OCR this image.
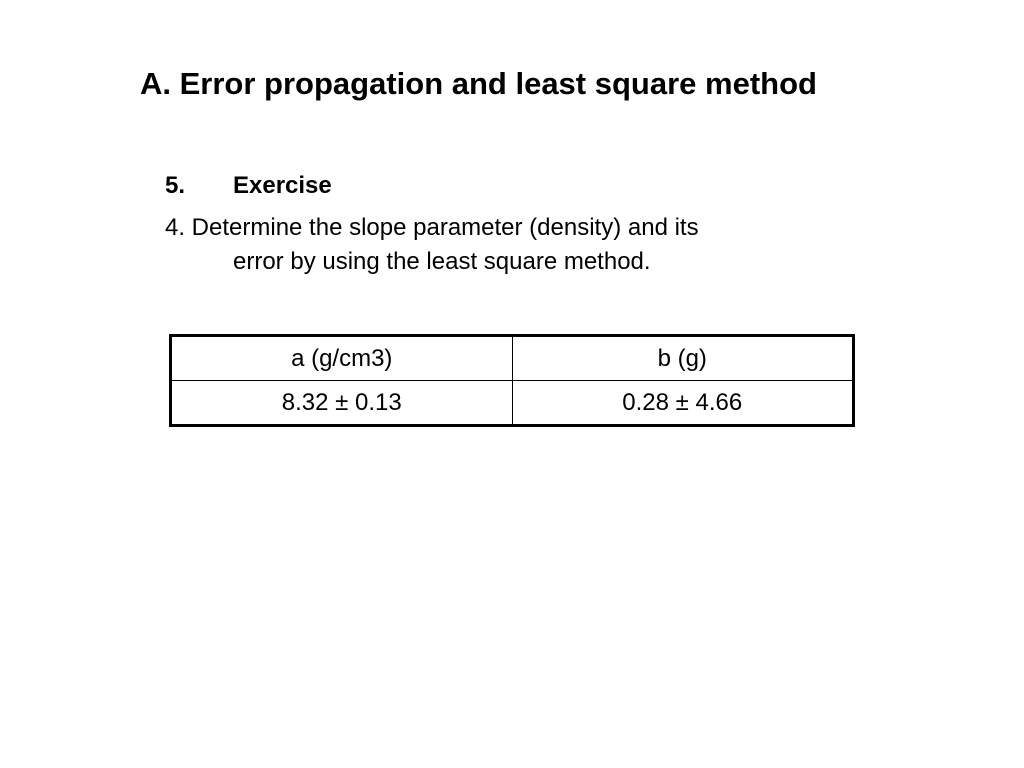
A. Error propagation and least square method
5. Exercise
4. Determine the slope parameter (density) and its
error by using the least square method.
a (g/cm3)	b (g)
8.32 ± 0.13	0.28 ± 4.66
